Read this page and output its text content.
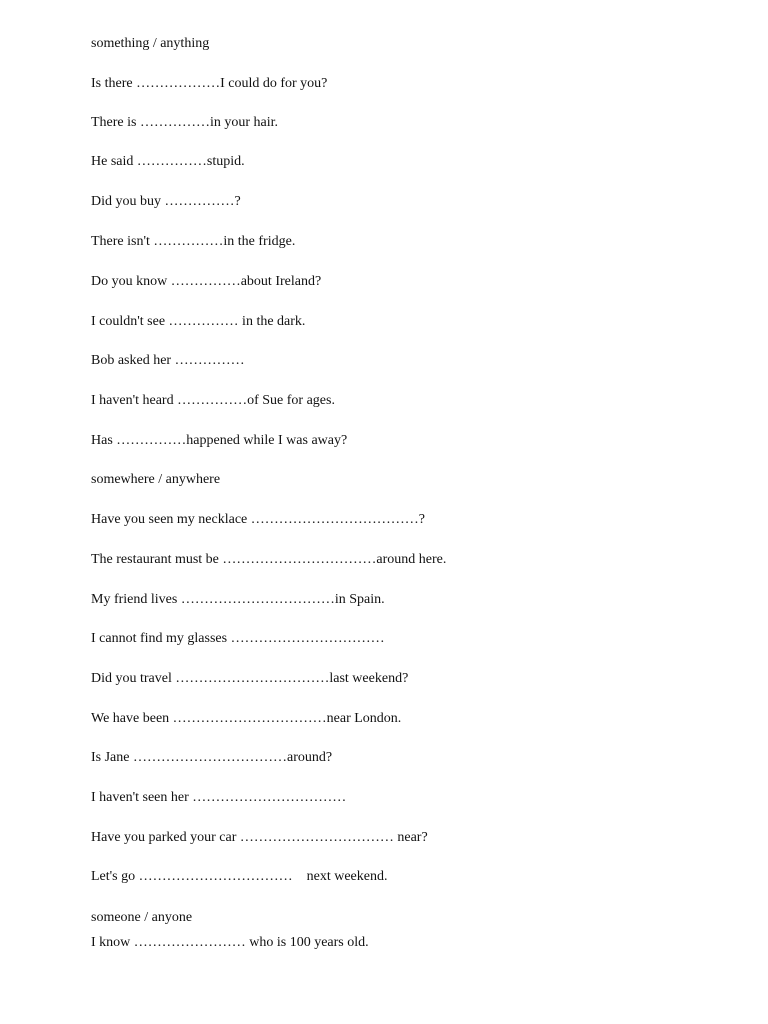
something / anything
Is there ………………I could do for you?
There is ……………in your hair.
He said ……………stupid.
Did you buy ……………?
There isn't ……………in the fridge.
Do you know ……………about Ireland?
I couldn't see …………… in the dark.
Bob asked her ……………
I haven't heard ……………of Sue for ages.
Has ……………happened while I was away?
somewhere / anywhere
Have you seen my necklace ………………………………?
The restaurant must be ……………………………around here.
My friend lives ……………………………in Spain.
I cannot find my glasses ……………………………
Did you travel ……………………………last weekend?
We have been ……………………………near London.
Is Jane ……………………………around?
I haven't seen her ……………………………
Have you parked your car …………………………… near?
Let's go ……………………………    next weekend.
someone / anyone
I know …………………… who is 100 years old.
